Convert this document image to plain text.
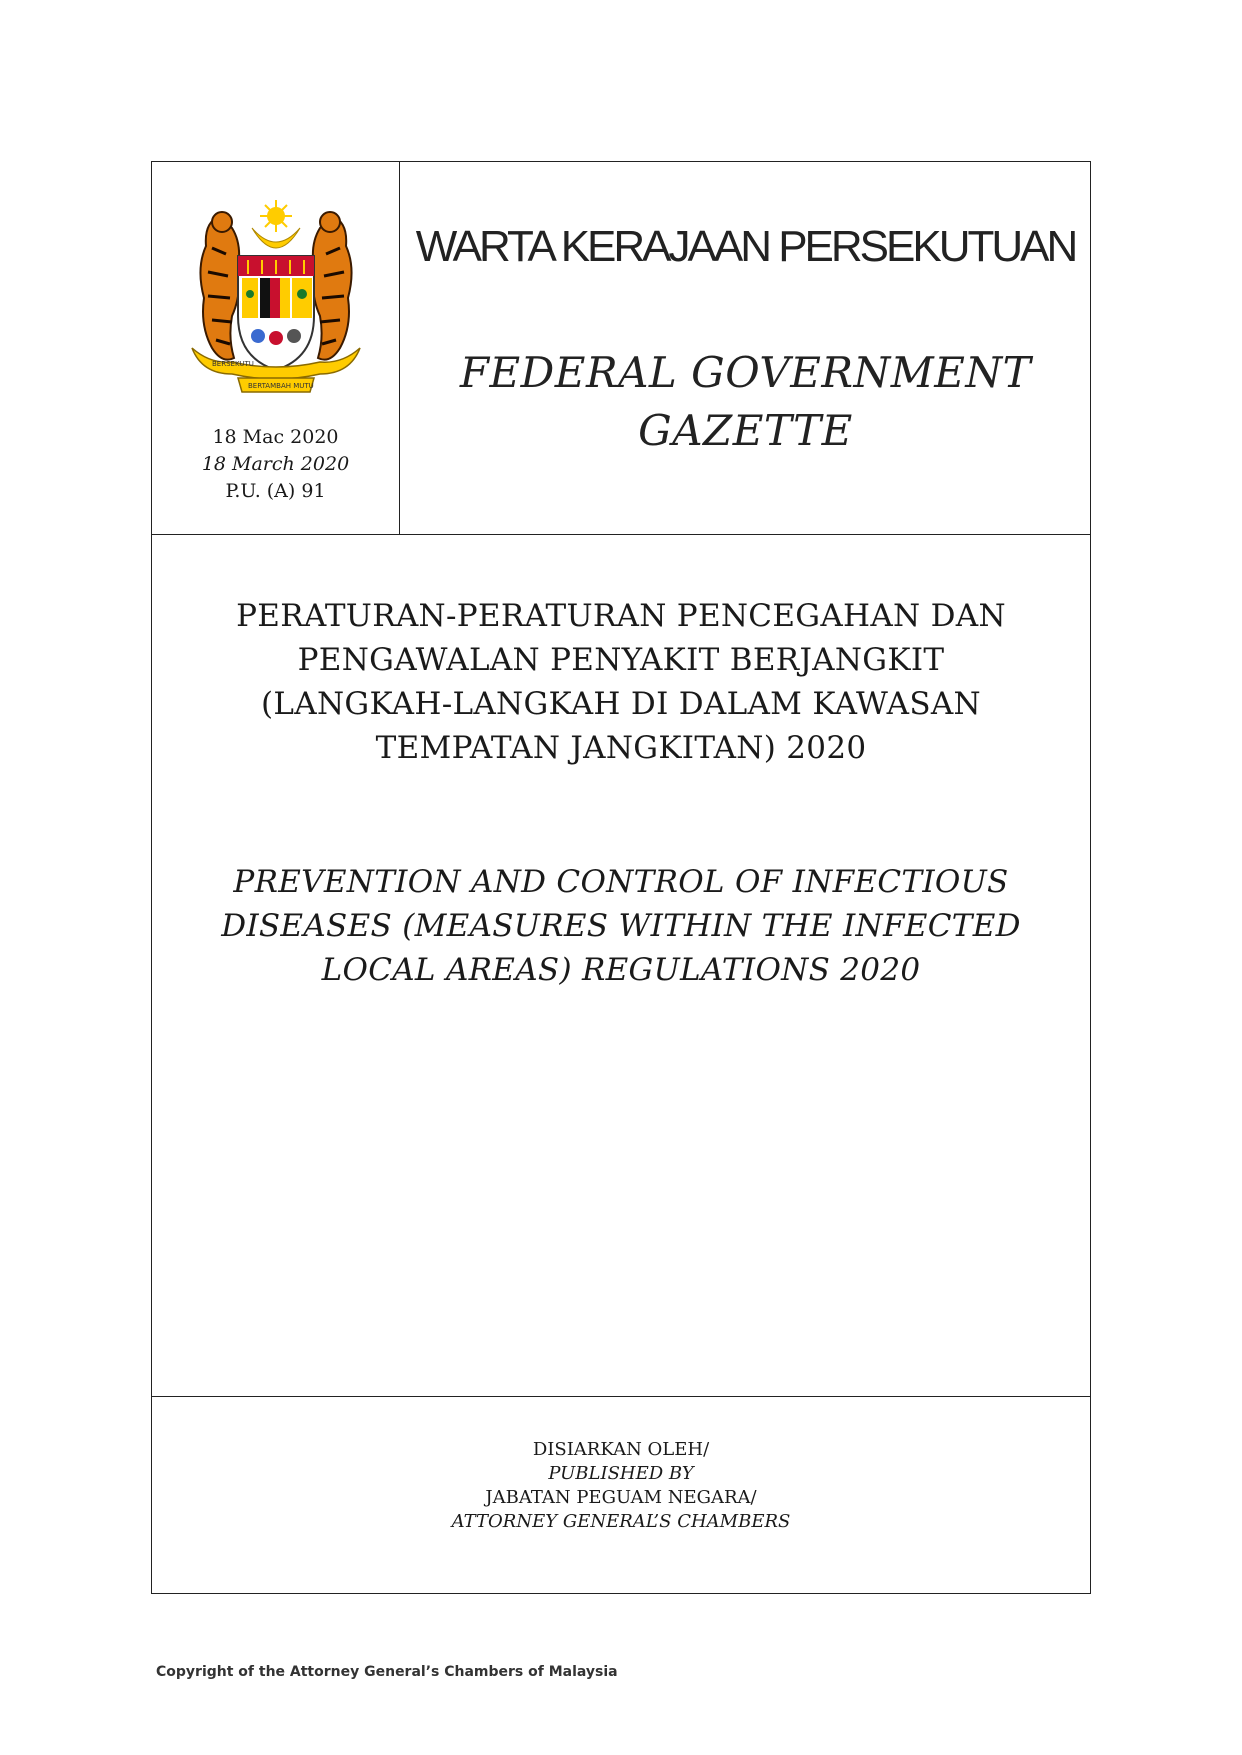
BERSEKUTU
BERTAMBAH MUTU
18 Mac 2020
18 March 2020
P.U. (A) 91
WARTA KERAJAAN PERSEKUTUAN
FEDERAL GOVERNMENT
GAZETTE
PERATURAN-PERATURAN PENCEGAHAN DAN
PENGAWALAN PENYAKIT BERJANGKIT
(LANGKAH-LANGKAH DI DALAM KAWASAN
TEMPATAN JANGKITAN) 2020
PREVENTION AND CONTROL OF INFECTIOUS
DISEASES (MEASURES WITHIN THE INFECTED
LOCAL AREAS) REGULATIONS 2020
DISIARKAN OLEH/
PUBLISHED BY
JABATAN PEGUAM NEGARA/
ATTORNEY GENERAL’S CHAMBERS
Copyright of the Attorney General’s Chambers of Malaysia
